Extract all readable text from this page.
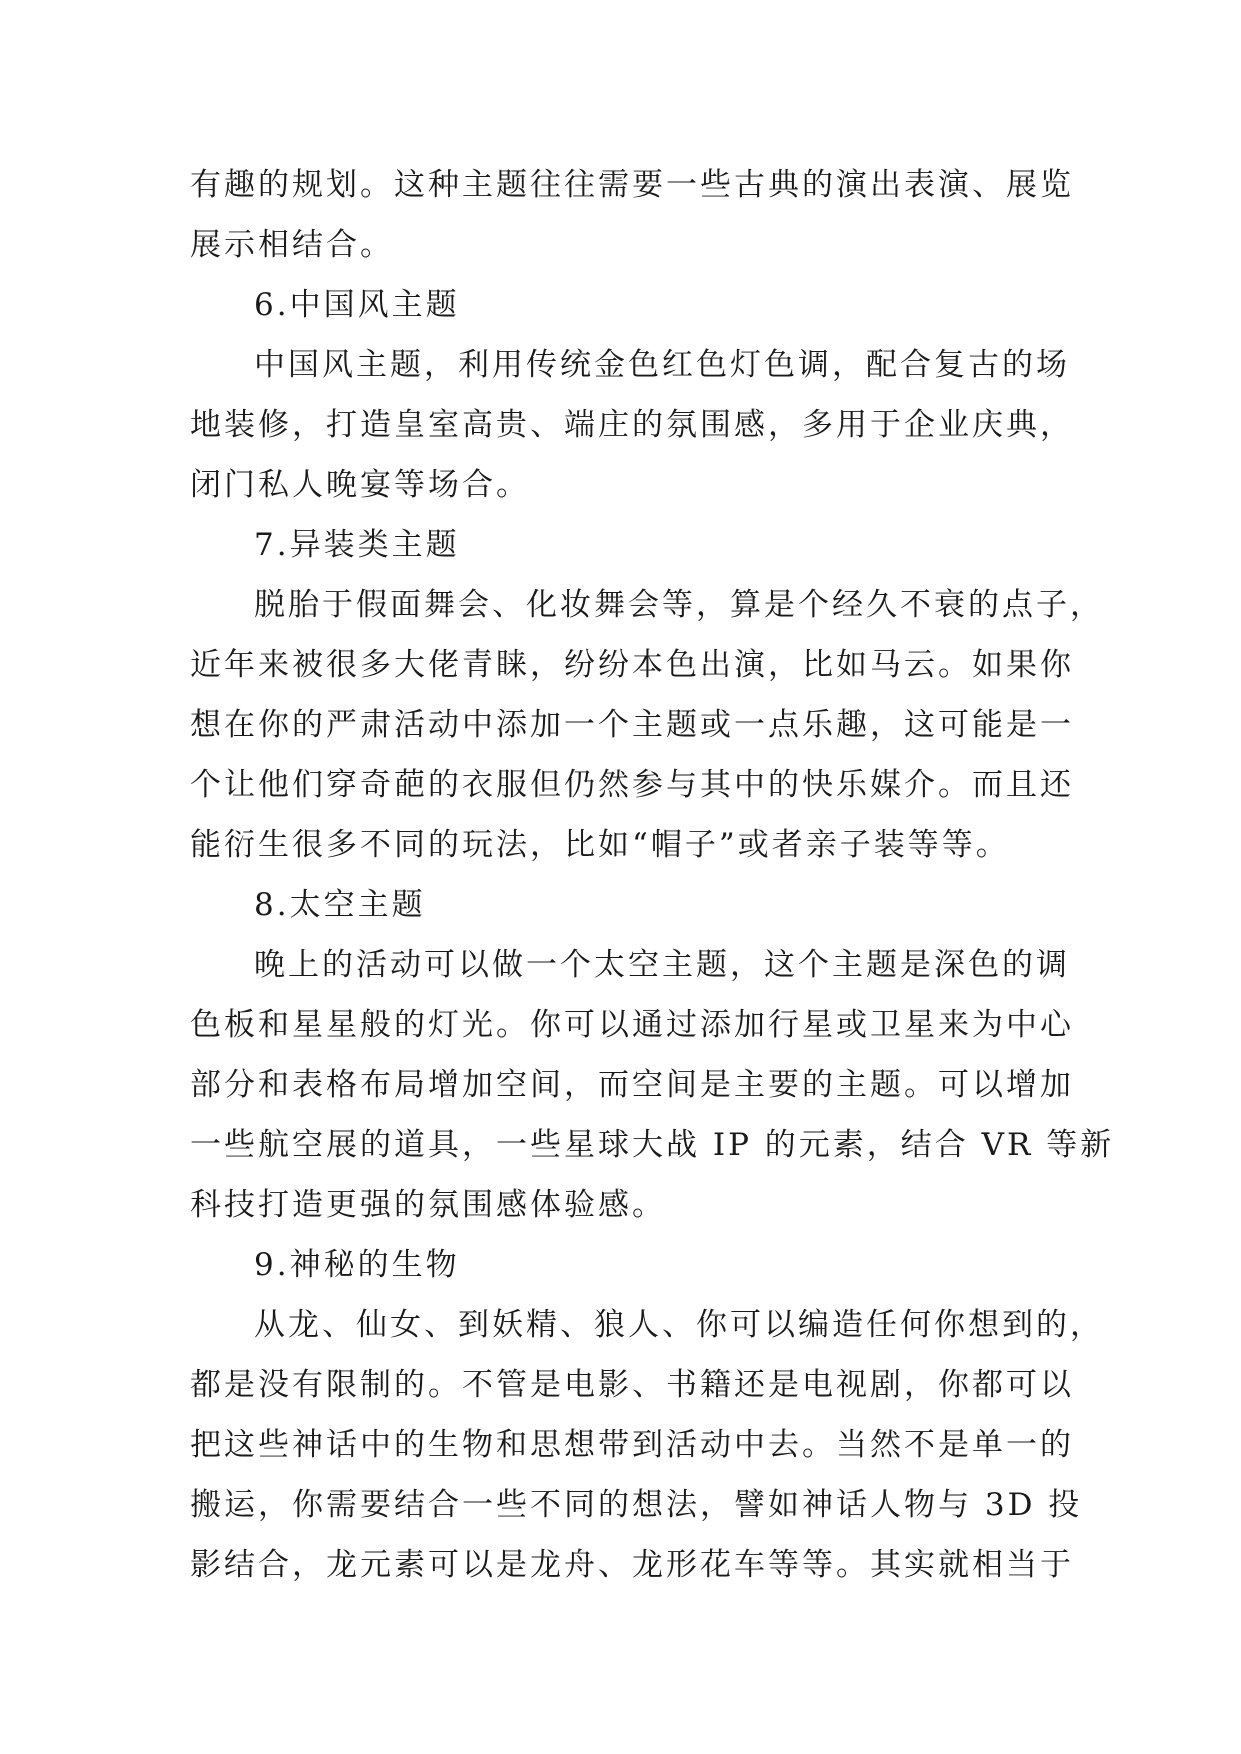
有趣的规划。这种主题往往需要一些古典的演出表演、展览
展示相结合。
6.中国风主题
中国风主题，利用传统金色红色灯色调，配合复古的场
地装修，打造皇室高贵、端庄的氛围感，多用于企业庆典，
闭门私人晚宴等场合。
7.异装类主题
脱胎于假面舞会、化妆舞会等，算是个经久不衰的点子，
近年来被很多大佬青睐，纷纷本色出演，比如马云。如果你
想在你的严肃活动中添加一个主题或一点乐趣，这可能是一
个让他们穿奇葩的衣服但仍然参与其中的快乐媒介。而且还
能衍生很多不同的玩法，比如“帽子”或者亲子装等等。
8.太空主题
晚上的活动可以做一个太空主题，这个主题是深色的调
色板和星星般的灯光。你可以通过添加行星或卫星来为中心
部分和表格布局增加空间，而空间是主要的主题。可以增加
一些航空展的道具，一些星球大战 IP 的元素，结合 VR 等新
科技打造更强的氛围感体验感。
9.神秘的生物
从龙、仙女、到妖精、狼人、你可以编造任何你想到的，
都是没有限制的。不管是电影、书籍还是电视剧，你都可以
把这些神话中的生物和思想带到活动中去。当然不是单一的
搬运，你需要结合一些不同的想法，譬如神话人物与 3D 投
影结合，龙元素可以是龙舟、龙形花车等等。其实就相当于
